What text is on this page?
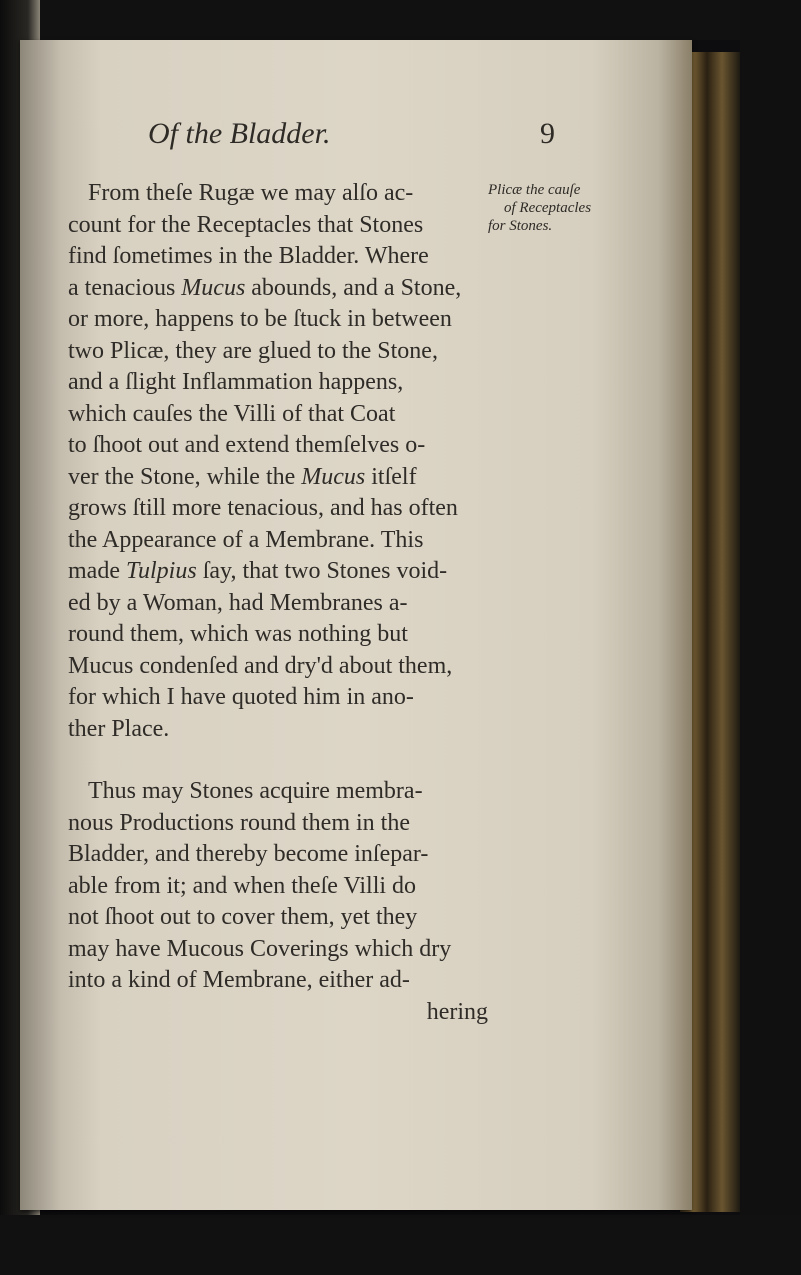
Of the Bladder.	9
Plicæ the cauſe
of Receptacles
for Stones.
From theſe Rugæ we may alſo ac-
count for the Receptacles that Stones
find ſometimes in the Bladder. Where
a tenacious Mucus abounds, and a Stone,
or more, happens to be ſtuck in between
two Plicæ, they are glued to the Stone,
and a ſlight Inflammation happens,
which cauſes the Villi of that Coat
to ſhoot out and extend themſelves o-
ver the Stone, while the Mucus itſelf
grows ſtill more tenacious, and has often
the Appearance of a Membrane. This
made Tulpius ſay, that two Stones void-
ed by a Woman, had Membranes a-
round them, which was nothing but
Mucus condenſed and dry'd about them,
for which I have quoted him in ano-
ther Place.
Thus may Stones acquire membra-
nous Productions round them in the
Bladder, and thereby become inſepar-
able from it; and when theſe Villi do
not ſhoot out to cover them, yet they
may have Mucous Coverings which dry
into a kind of Membrane, either ad-
hering
